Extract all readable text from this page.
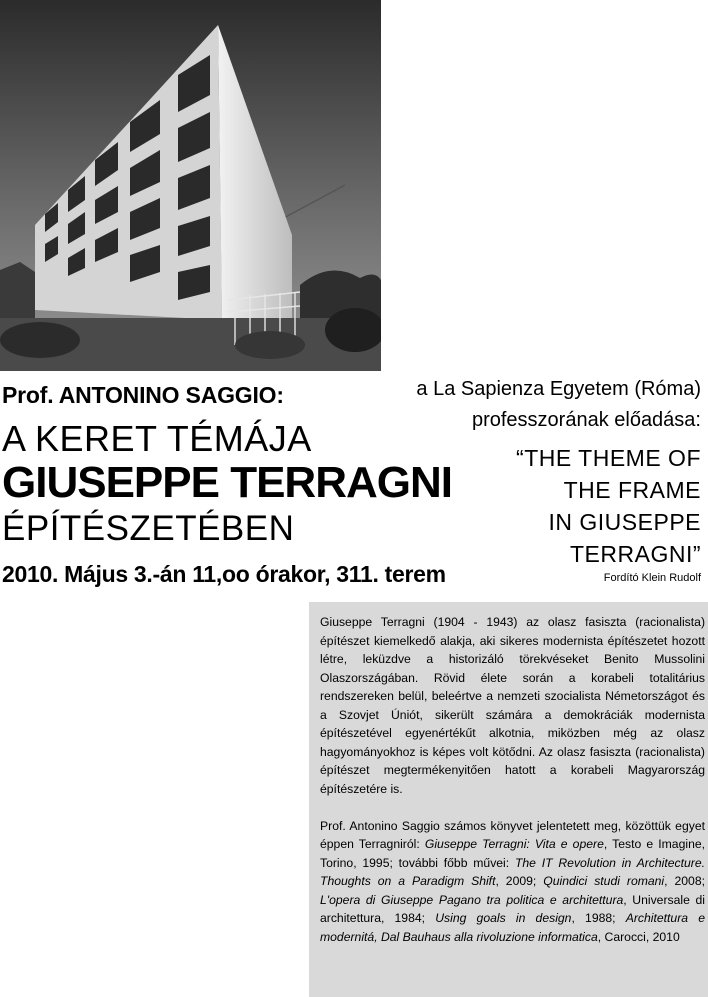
Prof. ANTONINO SAGGIO:
A KERET TÉMÁJA
GIUSEPPE TERRAGNI
ÉPÍTÉSZETÉBEN
2010. Május 3.-án 11,oo órakor, 311. terem
a La Sapienza Egyetem (Róma)
professzorának előadása:
“THE THEME OF
THE FRAME
IN GIUSEPPE
TERRAGNI”
Fordító Klein Rudolf

Giuseppe Terragni (1904 - 1943) az olasz fasiszta (racionalista) építészet kiemelkedő alakja, aki sikeres modernista építészetet hozott létre, leküzdve a historizáló törekvéseket Benito Mussolini Olaszországában. Rövid élete során a korabeli totalitárius rendszereken belül, beleértve a nemzeti szocialista Németországot és a Szovjet Úniót, sikerült számára a demokráciák modernista építészetével egyenértékűt alkotnia, miközben még az olasz hagyományokhoz is képes volt kötődni. Az olasz fasiszta (racionalista) építészet megtermékenyitően hatott a korabeli Magyarország építészetére is.

Prof. Antonino Saggio számos könyvet jelentetett meg, közöttük egyet éppen Terragniról: Giuseppe Terragni: Vita e opere, Testo e Imagine, Torino, 1995; további főbb művei: The IT Revolution in Architecture. Thoughts on a Paradigm Shift, 2009; Quindici studi romani, 2008; L'opera di Giuseppe Pagano tra politica e architettura, Universale di architettura, 1984; Using goals in design, 1988; Architettura e modernitá, Dal Bauhaus alla rivoluzione informatica, Carocci, 2010
